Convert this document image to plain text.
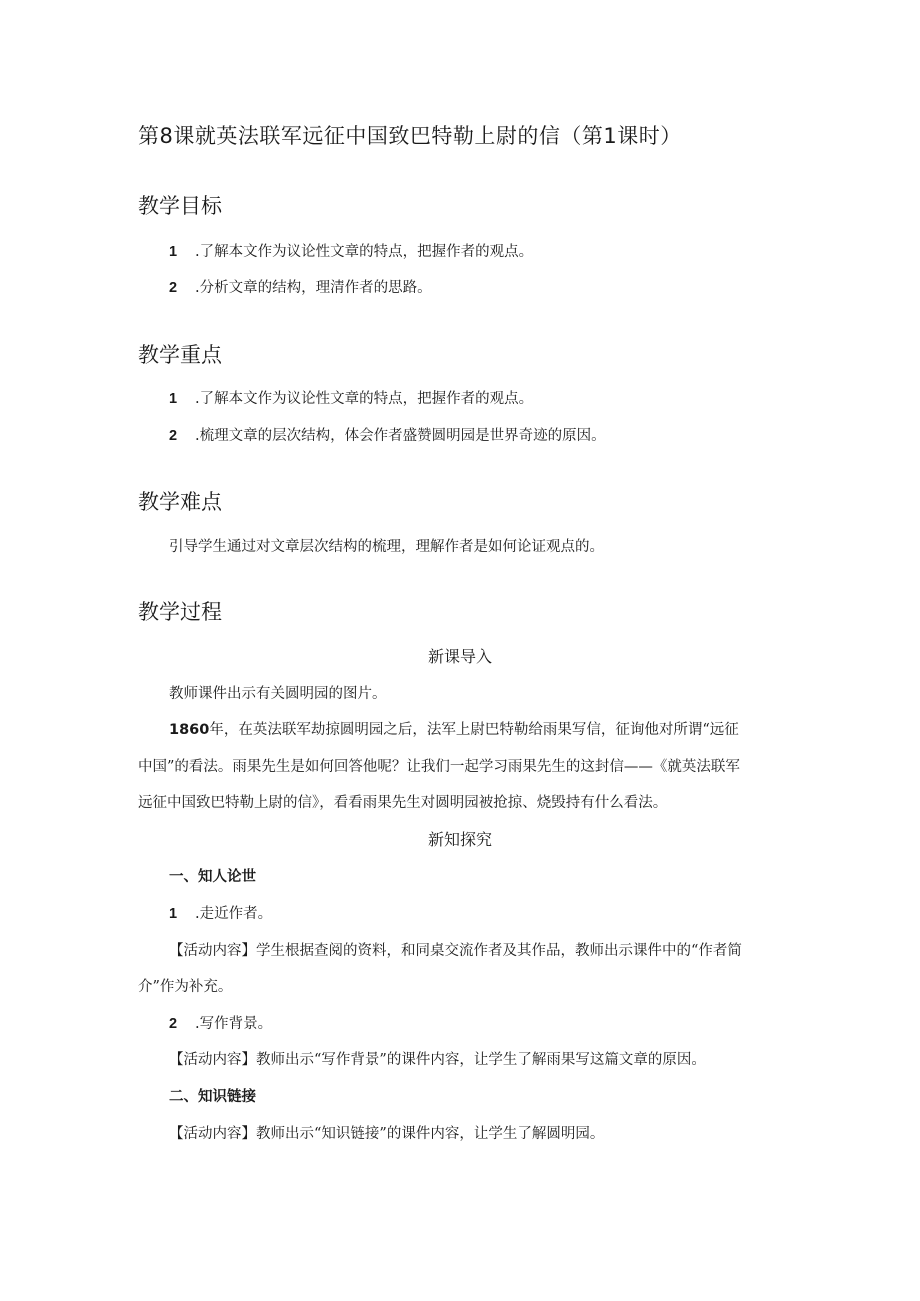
第8课就英法联军远征中国致巴特勒上尉的信（第1课时）
教学目标
1 .了解本文作为议论性文章的特点，把握作者的观点。
2 .分析文章的结构，理清作者的思路。
教学重点
1 .了解本文作为议论性文章的特点，把握作者的观点。
2 .梳理文章的层次结构，体会作者盛赞圆明园是世界奇迹的原因。
教学难点
引导学生通过对文章层次结构的梳理，理解作者是如何论证观点的。
教学过程
新课导入
教师课件出示有关圆明园的图片。
1860年，在英法联军劫掠圆明园之后，法军上尉巴特勒给雨果写信，征询他对所谓“远征
中国”的看法。雨果先生是如何回答他呢？让我们一起学习雨果先生的这封信——《就英法联军
远征中国致巴特勒上尉的信》，看看雨果先生对圆明园被抢掠、烧毁持有什么看法。
新知探究
一、知人论世
1 .走近作者。
【活动内容】学生根据查阅的资料，和同桌交流作者及其作品，教师出示课件中的“作者简
介”作为补充。
2 .写作背景。
【活动内容】教师出示“写作背景”的课件内容，让学生了解雨果写这篇文章的原因。
二、知识链接
【活动内容】教师出示“知识链接”的课件内容，让学生了解圆明园。
